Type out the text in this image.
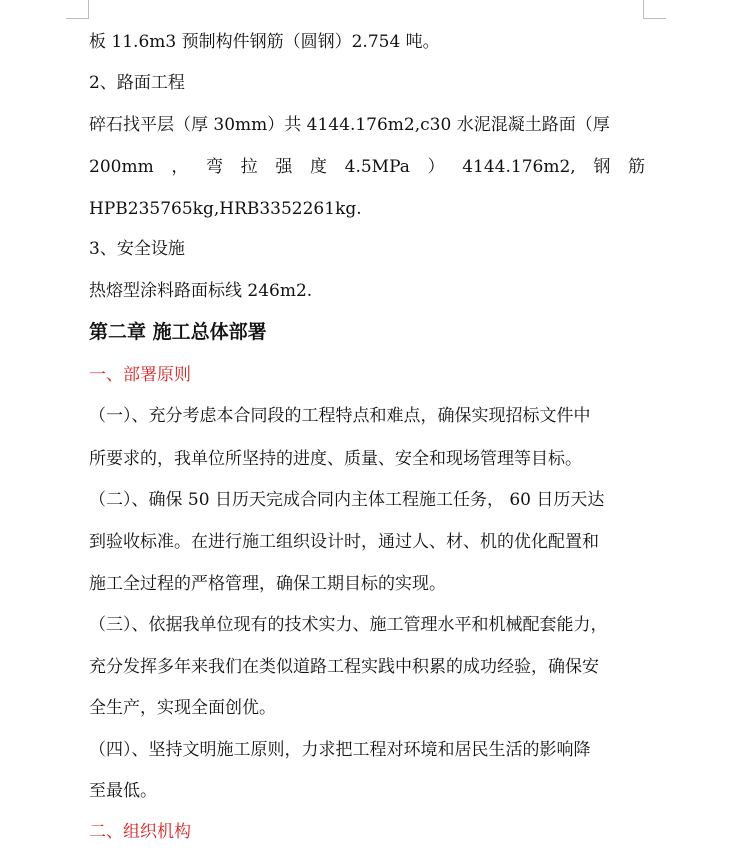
板 11.6m3 预制构件钢筋（圆钢）2.754 吨。
2、路面工程
碎石找平层（厚 30mm）共 4144.176m2,c30 水泥混凝土路面（厚
200mm ， 弯 拉 强 度 4.5MPa ） 4144.176m2, 钢 筋
HPB235765kg,HRB3352261kg.
3、安全设施
热熔型涂料路面标线 246m2.
第二章 施工总体部署
一、部署原则
（一）、充分考虑本合同段的工程特点和难点，确保实现招标文件中
所要求的，我单位所坚持的进度、质量、安全和现场管理等目标。
（二）、确保 50 日历天完成合同内主体工程施工任务， 60 日历天达
到验收标准。在进行施工组织设计时，通过人、材、机的优化配置和
施工全过程的严格管理，确保工期目标的实现。
（三）、依据我单位现有的技术实力、施工管理水平和机械配套能力，
充分发挥多年来我们在类似道路工程实践中积累的成功经验，确保安
全生产，实现全面创优。
（四）、坚持文明施工原则，力求把工程对环境和居民生活的影响降
至最低。
二、组织机构
